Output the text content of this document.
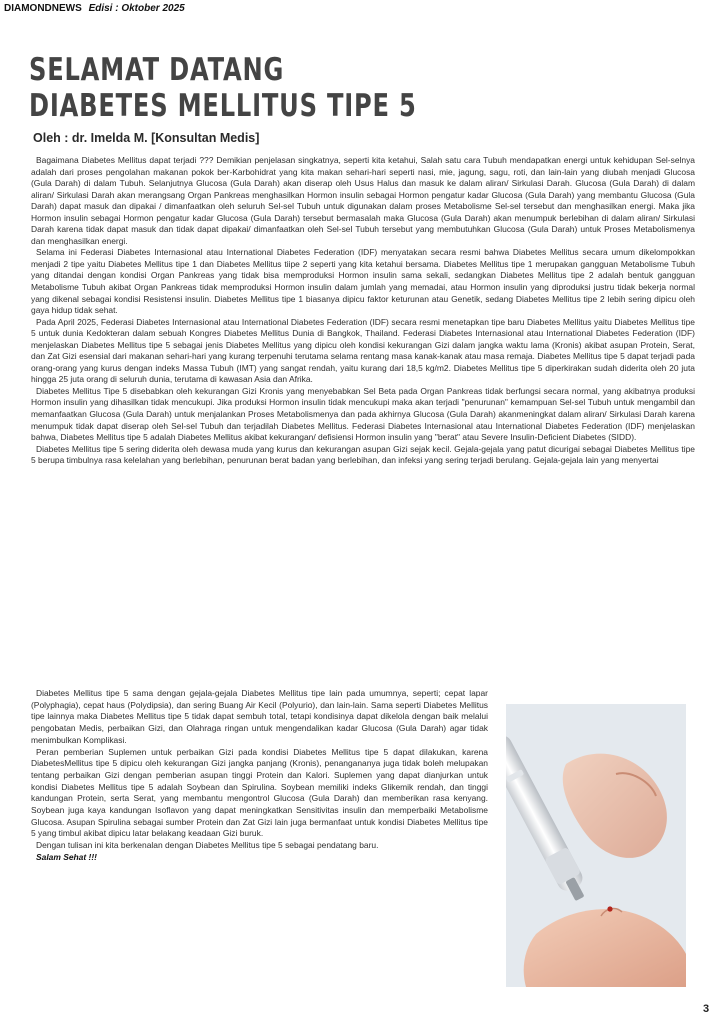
DIAMONDNEWS Edisi : Oktober 2025
SELAMAT DATANG
DIABETES MELLITUS TIPE 5
Oleh : dr. Imelda M. [Konsultan Medis]

Bagaimana Diabetes Mellitus dapat terjadi ??? Demikian penjelasan singkatnya, seperti kita ketahui, Salah satu cara Tubuh mendapatkan energi untuk kehidupan Sel-selnya adalah dari proses pengolahan makanan pokok ber-Karbohidrat yang kita makan sehari-hari seperti nasi, mie, jagung, sagu, roti, dan lain-lain yang diubah menjadi Glucosa (Gula Darah) di dalam Tubuh. Selanjutnya Glucosa (Gula Darah) akan diserap oleh Usus Halus dan masuk ke dalam aliran/ Sirkulasi Darah. Glucosa (Gula Darah) di dalam aliran/ Sirkulasi Darah akan merangsang Organ Pankreas menghasilkan Hormon insulin sebagai Hormon pengatur kadar Glucosa (Gula Darah) yang membantu Glucosa (Gula Darah) dapat masuk dan dipakai / dimanfaatkan oleh seluruh Sel-sel Tubuh untuk digunakan dalam proses Metabolisme Sel-sel tersebut dan menghasilkan energi. Maka jika Hormon insulin sebagai Hormon pengatur kadar Glucosa (Gula Darah) tersebut bermasalah maka Glucosa (Gula Darah) akan menumpuk berlebihan di dalam aliran/ Sirkulasi Darah karena tidak dapat masuk dan tidak dapat dipakai/ dimanfaatkan oleh Sel-sel Tubuh tersebut yang membutuhkan Glucosa (Gula Darah) untuk Proses Metabolismenya dan menghasilkan energi.

Selama ini Federasi Diabetes Internasional atau International Diabetes Federation (IDF) menyatakan secara resmi bahwa Diabetes Mellitus secara umum dikelompokkan menjadi 2 tipe yaitu Diabetes Mellitus tipe 1 dan Diabetes Mellitus tiipe 2 seperti yang kita ketahui bersama. Diabetes Mellitus tipe 1 merupakan gangguan Metabolisme Tubuh yang ditandai dengan kondisi Organ Pankreas yang tidak bisa memproduksi Hormon insulin sama sekali, sedangkan Diabetes Mellitus tipe 2 adalah bentuk gangguan Metabolisme Tubuh akibat Organ Pankreas tidak memproduksi Hormon insulin dalam jumlah yang memadai, atau Hormon insulin yang diproduksi justru tidak bekerja normal yang dikenal sebagai kondisi Resistensi insulin. Diabetes Mellitus tipe 1 biasanya dipicu faktor keturunan atau Genetik, sedang Diabetes Mellitus tipe 2 lebih sering dipicu oleh gaya hidup tidak sehat.

Pada April 2025, Federasi Diabetes Internasional atau International Diabetes Federation (IDF) secara resmi menetapkan tipe baru Diabetes Mellitus yaitu Diabetes Mellitus tipe 5 untuk dunia Kedokteran dalam sebuah Kongres Diabetes Mellitus Dunia di Bangkok, Thailand. Federasi Diabetes Internasional atau International Diabetes Federation (IDF) menjelaskan Diabetes Mellitus tipe 5 sebagai jenis Diabetes Mellitus yang dipicu oleh kondisi kekurangan Gizi dalam jangka waktu lama (Kronis) akibat asupan Protein, Serat, dan Zat Gizi esensial dari makanan sehari-hari yang kurang terpenuhi terutama selama rentang masa kanak-kanak atau masa remaja. Diabetes Mellitus tipe 5 dapat terjadi pada orang-orang yang kurus dengan indeks Massa Tubuh (IMT) yang sangat rendah, yaitu kurang dari 18,5 kg/m2. Diabetes Mellitus tipe 5 diperkirakan sudah diderita oleh 20 juta hingga 25 juta orang di seluruh dunia, terutama di kawasan Asia dan Afrika.

Diabetes Mellitus Tipe 5 disebabkan oleh kekurangan Gizi Kronis yang menyebabkan Sel Beta pada Organ Pankreas tidak berfungsi secara normal, yang akibatnya produksi Hormon insulin yang dihasilkan tidak mencukupi. Jika produksi Hormon insulin tidak mencukupi maka akan terjadi "penurunan" kemampuan Sel-sel Tubuh untuk mengambil dan memanfaatkan Glucosa (Gula Darah) untuk menjalankan Proses Metabolismenya dan pada akhirnya Glucosa (Gula Darah) akanmeningkat dalam aliran/ Sirkulasi Darah karena menumpuk tidak dapat diserap oleh Sel-sel Tubuh dan terjadilah Diabetes Mellitus. Federasi Diabetes Internasional atau International Diabetes Federation (IDF) menjelaskan bahwa, Diabetes Mellitus tipe 5 adalah Diabetes Mellitus akibat kekurangan/ defisiensi Hormon insulin yang "berat" atau Severe Insulin-Deficient Diabetes (SIDD).

Diabetes Mellitus tipe 5 sering diderita oleh dewasa muda yang kurus dan kekurangan asupan Gizi sejak kecil. Gejala-gejala yang patut dicurigai sebagai Diabetes Mellitus tipe 5 berupa timbulnya rasa kelelahan yang berlebihan, penurunan berat badan yang berlebihan, dan infeksi yang sering terjadi berulang. Gejala-gejala lain yang menyertai

Diabetes Mellitus tipe 5 sama dengan gejala-gejala Diabetes Mellitus tipe lain pada umumnya, seperti; cepat lapar (Polyphagia), cepat haus (Polydipsia), dan sering Buang Air Kecil (Polyurio), dan lain-lain. Sama seperti Diabetes Mellitus tipe lainnya maka Diabetes Mellitus tipe 5 tidak dapat sembuh total, tetapi kondisinya dapat dikelola dengan baik melalui pengobatan Medis, perbaikan Gizi, dan Olahraga ringan untuk mengendalikan kadar Glucosa (Gula Darah) agar tidak menimbulkan Komplikasi.

Peran pemberian Suplemen untuk perbaikan Gizi pada kondisi Diabetes Mellitus tipe 5 dapat dilakukan, karena DiabetesMellitus tipe 5 dipicu oleh kekurangan Gizi jangka panjang (Kronis), penangananya juga tidak boleh melupakan tentang perbaikan Gizi dengan pemberian asupan tinggi Protein dan Kalori. Suplemen yang dapat dianjurkan untuk kondisi Diabetes Mellitus tipe 5 adalah Soybean dan Spirulina. Soybean memiliki indeks Glikemik rendah, dan tinggi kandungan Protein, serta Serat, yang membantu mengontrol Glucosa (Gula Darah) dan memberikan rasa kenyang. Soybean juga kaya kandungan Isoflavon yang dapat meningkatkan Sensitivitas insulin dan memperbaiki Metabolisme Glucosa. Asupan Spirulina sebagai sumber Protein dan Zat Gizi lain juga bermanfaat untuk kondisi Diabetes Mellitus tipe 5 yang timbul akibat dipicu latar belakang keadaan Gizi buruk.

Dengan tulisan ini kita berkenalan dengan Diabetes Mellitus tipe 5 sebagai pendatang baru.

Salam Sehat !!!

3
